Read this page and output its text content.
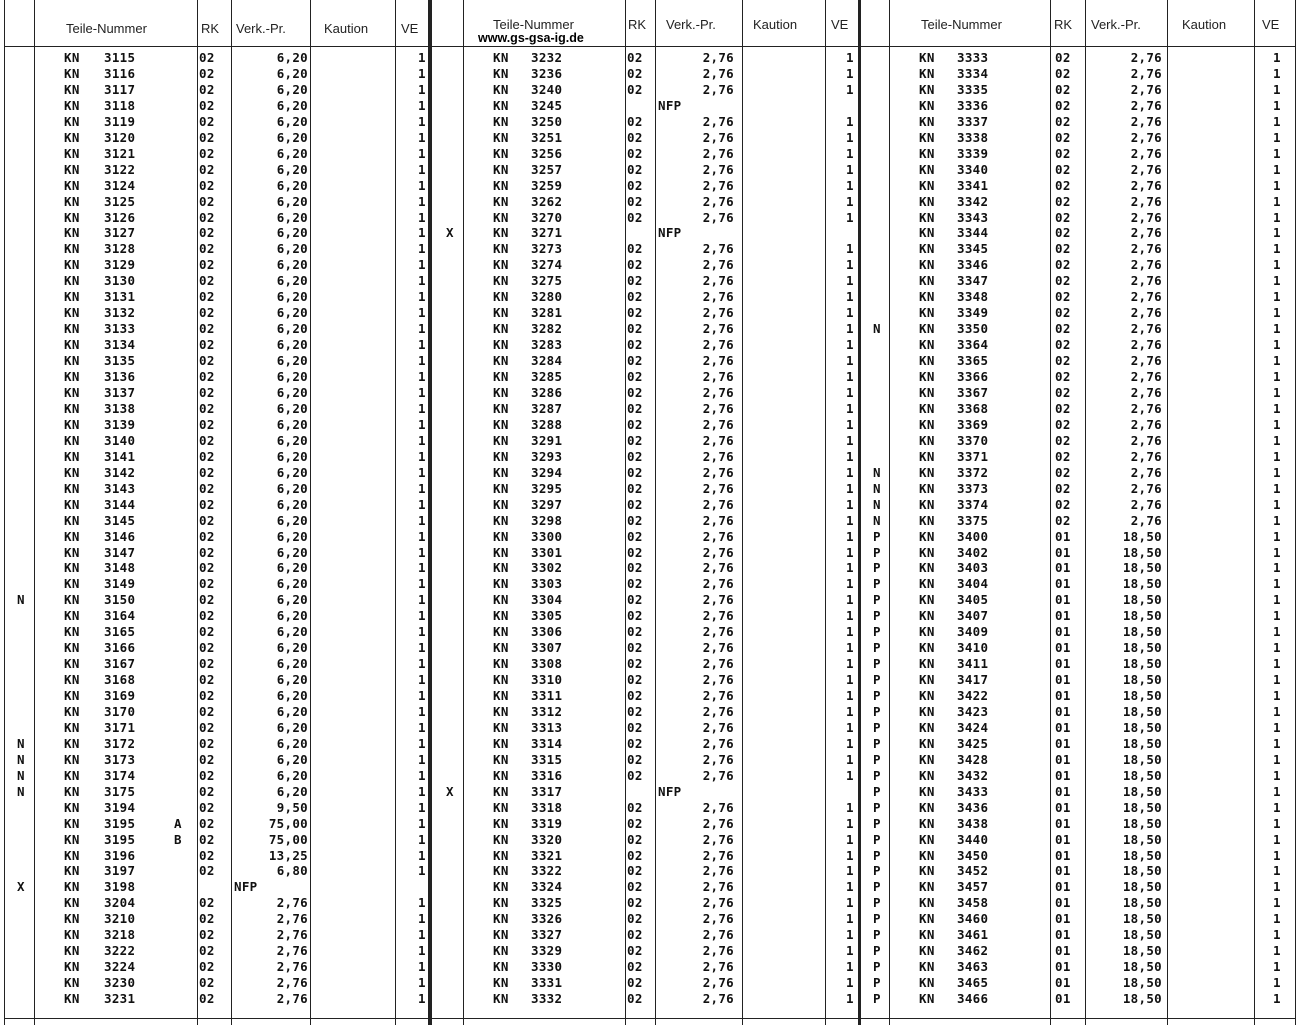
Teile-Nummer	RK Verk.-Pr.	Kaution	VE	Teile-Nummer	RK Verk.-Pr.	Kaution	VE	Teile-Nummer	RK Verk.-Pr.	Kaution	VE
www.gs-gsa-ig.de
KN 3115	02	6,20	1
KN 3116	02	6,20	1
KN 3117	02	6,20	1
KN 3118	02	6,20	1
KN 3119	02	6,20	1
KN 3120	02	6,20	1
KN 3121	02	6,20	1
KN 3122	02	6,20	1
KN 3124	02	6,20	1
KN 3125	02	6,20	1
KN 3126	02	6,20	1
KN 3127	02	6,20	1
KN 3128	02	6,20	1
KN 3129	02	6,20	1
KN 3130	02	6,20	1
KN 3131	02	6,20	1
KN 3132	02	6,20	1
KN 3133	02	6,20	1
KN 3134	02	6,20	1
KN 3135	02	6,20	1
KN 3136	02	6,20	1
KN 3137	02	6,20	1
KN 3138	02	6,20	1
KN 3139	02	6,20	1
KN 3140	02	6,20	1
KN 3141	02	6,20	1
KN 3142	02	6,20	1
KN 3143	02	6,20	1
KN 3144	02	6,20	1
KN 3145	02	6,20	1
KN 3146	02	6,20	1
KN 3147	02	6,20	1
KN 3148	02	6,20	1
KN 3149	02	6,20	1
N	KN 3150	02	6,20	1
KN 3164	02	6,20	1
KN 3165	02	6,20	1
KN 3166	02	6,20	1
KN 3167	02	6,20	1
KN 3168	02	6,20	1
KN 3169	02	6,20	1
KN 3170	02	6,20	1
KN 3171	02	6,20	1
N	KN 3172	02	6,20	1
N	KN 3173	02	6,20	1
N	KN 3174	02	6,20	1
N	KN 3175	02	6,20	1
KN 3194	02	9,50	1
KN 3195	A 02	75,00	1
KN 3195	B 02	75,00	1
KN 3196	02	13,25	1
KN 3197	02	6,80	1
X	KN 3198	NFP
KN 3204	02	2,76	1
KN 3210	02	2,76	1
KN 3218	02	2,76	1
KN 3222	02	2,76	1
KN 3224	02	2,76	1
KN 3230	02	2,76	1
KN 3231	02	2,76	1
KN 3232	02	2,76	1
KN 3236	02	2,76	1
KN 3240	02	2,76	1
KN 3245	NFP
KN 3250	02	2,76	1
KN 3251	02	2,76	1
KN 3256	02	2,76	1
KN 3257	02	2,76	1
KN 3259	02	2,76	1
KN 3262	02	2,76	1
KN 3270	02	2,76	1
X	KN 3271	NFP
KN 3273	02	2,76	1
KN 3274	02	2,76	1
KN 3275	02	2,76	1
KN 3280	02	2,76	1
KN 3281	02	2,76	1
KN 3282	02	2,76	1
KN 3283	02	2,76	1
KN 3284	02	2,76	1
KN 3285	02	2,76	1
KN 3286	02	2,76	1
KN 3287	02	2,76	1
KN 3288	02	2,76	1
KN 3291	02	2,76	1
KN 3293	02	2,76	1
KN 3294	02	2,76	1
KN 3295	02	2,76	1
KN 3297	02	2,76	1
KN 3298	02	2,76	1
KN 3300	02	2,76	1
KN 3301	02	2,76	1
KN 3302	02	2,76	1
KN 3303	02	2,76	1
KN 3304	02	2,76	1
KN 3305	02	2,76	1
KN 3306	02	2,76	1
KN 3307	02	2,76	1
KN 3308	02	2,76	1
KN 3310	02	2,76	1
KN 3311	02	2,76	1
KN 3312	02	2,76	1
KN 3313	02	2,76	1
KN 3314	02	2,76	1
KN 3315	02	2,76	1
KN 3316	02	2,76	1
X	KN 3317	NFP
KN 3318	02	2,76	1
KN 3319	02	2,76	1
KN 3320	02	2,76	1
KN 3321	02	2,76	1
KN 3322	02	2,76	1
KN 3324	02	2,76	1
KN 3325	02	2,76	1
KN 3326	02	2,76	1
KN 3327	02	2,76	1
KN 3329	02	2,76	1
KN 3330	02	2,76	1
KN 3331	02	2,76	1
KN 3332	02	2,76	1
KN 3333	02	2,76	1
KN 3334	02	2,76	1
KN 3335	02	2,76	1
KN 3336	02	2,76	1
KN 3337	02	2,76	1
KN 3338	02	2,76	1
KN 3339	02	2,76	1
KN 3340	02	2,76	1
KN 3341	02	2,76	1
KN 3342	02	2,76	1
KN 3343	02	2,76	1
KN 3344	02	2,76	1
KN 3345	02	2,76	1
KN 3346	02	2,76	1
KN 3347	02	2,76	1
KN 3348	02	2,76	1
KN 3349	02	2,76	1
N	KN 3350	02	2,76	1
KN 3364	02	2,76	1
KN 3365	02	2,76	1
KN 3366	02	2,76	1
KN 3367	02	2,76	1
KN 3368	02	2,76	1
KN 3369	02	2,76	1
KN 3370	02	2,76	1
KN 3371	02	2,76	1
N	KN 3372	02	2,76	1
N	KN 3373	02	2,76	1
N	KN 3374	02	2,76	1
N	KN 3375	02	2,76	1
P	KN 3400	01	18,50	1
P	KN 3402	01	18,50	1
P	KN 3403	01	18,50	1
P	KN 3404	01	18,50	1
P	KN 3405	01	18,50	1
P	KN 3407	01	18,50	1
P	KN 3409	01	18,50	1
P	KN 3410	01	18,50	1
P	KN 3411	01	18,50	1
P	KN 3417	01	18,50	1
P	KN 3422	01	18,50	1
P	KN 3423	01	18,50	1
P	KN 3424	01	18,50	1
P	KN 3425	01	18,50	1
P	KN 3428	01	18,50	1
P	KN 3432	01	18,50	1
P	KN 3433	01	18,50	1
P	KN 3436	01	18,50	1
P	KN 3438	01	18,50	1
P	KN 3440	01	18,50	1
P	KN 3450	01	18,50	1
P	KN 3452	01	18,50	1
P	KN 3457	01	18,50	1
P	KN 3458	01	18,50	1
P	KN 3460	01	18,50	1
P	KN 3461	01	18,50	1
P	KN 3462	01	18,50	1
P	KN 3463	01	18,50	1
P	KN 3465	01	18,50	1
P	KN 3466	01	18,50	1
